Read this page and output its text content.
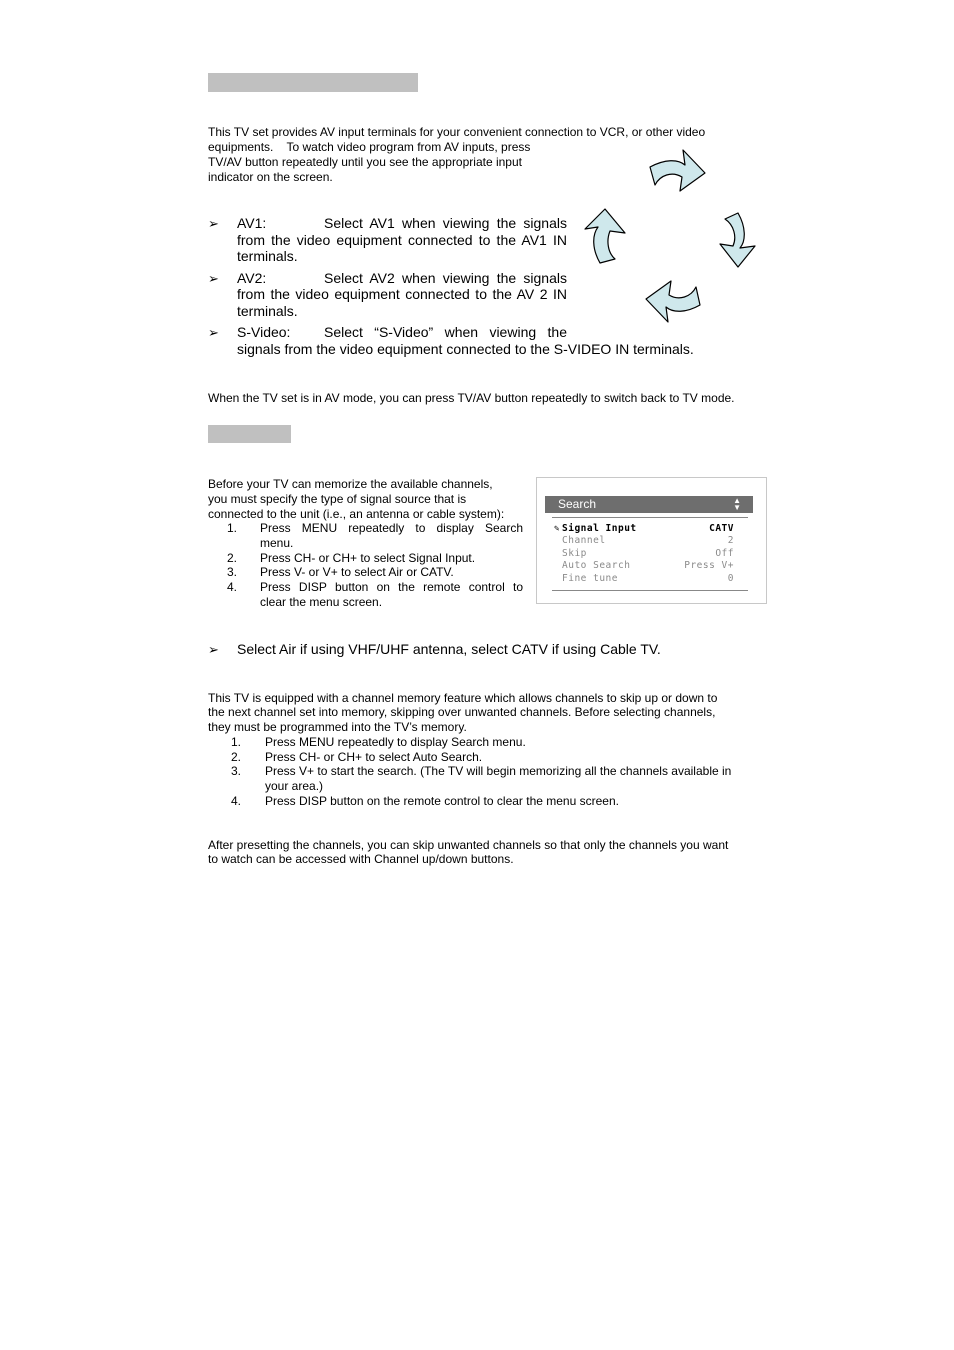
This TV set provides AV input terminals for your convenient connection to VCR, or other video

equipments.    To watch video program from AV inputs, press

TV/AV button repeatedly until you see the appropriate input

indicator on the screen.

➢ AV1:	Select AV1 when viewing the signals
from the video equipment connected to the AV1 IN
terminals.
➢ AV2:	Select AV2 when viewing the signals
from the video equipment connected to the AV 2 IN
terminals.
➢ S-Video: Select “S-Video” when viewing the
signals from the video equipment connected to the S-VIDEO IN terminals.

When the TV set is in AV mode, you can press TV/AV button repeatedly to switch back to TV mode.

Before your TV can memorize the available channels,

you must specify the type of signal source that is

connected to the unit (i.e., an antenna or cable system):

1. Press MENU repeatedly to display Search
menu.
2. Press CH- or CH+ to select Signal Input.
3. Press V- or V+ to select Air or CATV.
4. Press DISP button on the remote control to
clear the menu screen.
Search	▲
▼
✎ Signal Input	CATV
Channel	2
Skip	Off
Auto Search	Press V+
Fine tune	0
➢ Select Air if using VHF/UHF antenna, select CATV if using Cable TV.

This TV is equipped with a channel memory feature which allows channels to skip up or down to

the next channel set into memory, skipping over unwanted channels. Before selecting channels,

they must be programmed into the TV’s memory.

1. Press MENU repeatedly to display Search menu.
2. Press CH- or CH+ to select Auto Search.
3. Press V+ to start the search. (The TV will begin memorizing all the channels available in
your area.)
4. Press DISP button on the remote control to clear the menu screen.

After presetting the channels, you can skip unwanted channels so that only the channels you want

to watch can be accessed with Channel up/down buttons.
